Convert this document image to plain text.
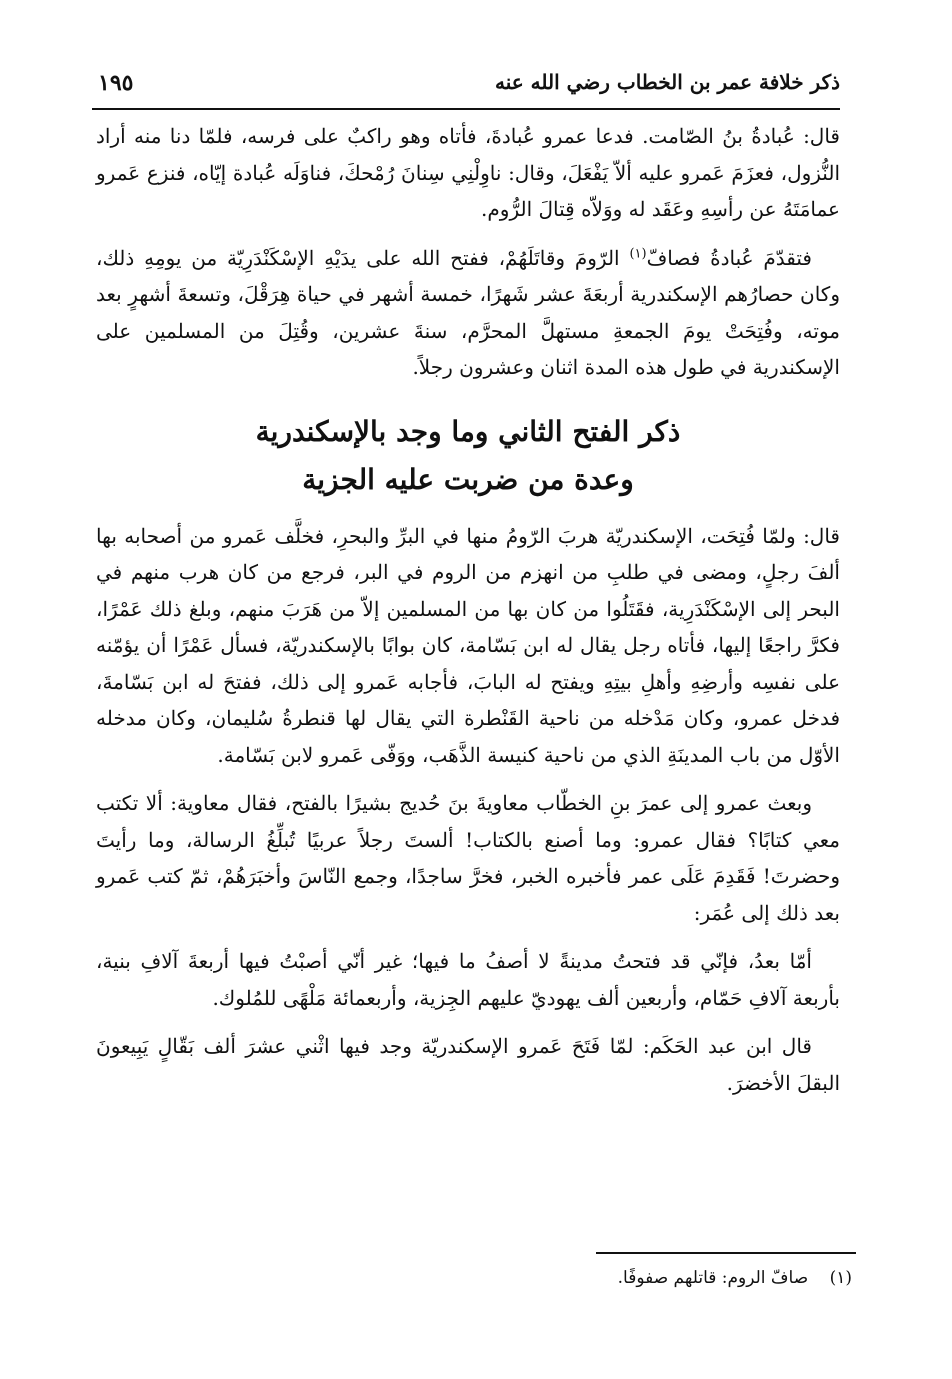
ذكر خلافة عمر بن الخطاب رضي الله عنه
١٩٥

قال: عُبادةُ بنُ الصّامت. فدعا عمرو عُبادةَ، فأتاه وهو راكبٌ على فرسه، فلمّا دنا منه أراد النُّزول، فعزَمَ عَمرو عليه ألاّ يَفْعَلَ، وقال: ناوِلْنِي سِنانَ رُمْحكَ، فناوَلَه عُبادة إيّاه، فنزع عَمرو عمامَتَهُ عن رأسِهِ وعَقَد له ووَلاّه قِتالَ الرُّوم.

فتقدّمَ عُبادةُ فصافّ$^{(١)}$ الرّومَ وقاتَلَهُمْ، ففتح الله على يدَيْهِ الإسْكَنْدَرِيّة من يومِهِ ذلك، وكان حصارُهم الإسكندرية أربعَةَ عشر شَهرًا، خمسة أشهر في حياة هِرَقْلَ، وتسعةَ أشهرٍ بعد موته، وفُتِحَتْ يومَ الجمعةِ مستهلَّ المحرَّم، سنةَ عشرين، وقُتِلَ من المسلمين على الإسكندرية في طول هذه المدة اثنان وعشرون رجلاً.

ذكر الفتح الثاني وما وجد بالإسكندرية
وعدة من ضربت عليه الجزية

قال: ولمّا فُتِحَت، الإسكندريّة هربَ الرّومُ منها في البرِّ والبحرِ، فخلَّف عَمرو من أصحابه بها ألفَ رجلٍ، ومضى في طلبِ من انهزم من الروم في البر، فرجع من كان هرب منهم في البحر إلى الإسْكَنْدَرِية، فقَتَلُوا من كان بها من المسلمين إلاّ من هَرَبَ منهم، وبلغ ذلك عَمْرًا، فكرَّ راجعًا إليها، فأتاه رجل يقال له ابن بَسّامة، كان بوابًا بالإسكندريّة، فسأل عَمْرًا أن يؤمّنه على نفسِه وأرضِهِ وأهلِ بيتِهِ ويفتح له البابَ، فأجابه عَمرو إلى ذلك، ففتحَ له ابن بَسّامةَ، فدخل عمرو، وكان مَدْخله من ناحية القَنْطرة التي يقال لها قنطرةُ سُليمان، وكان مدخله الأوّل من باب المدينَةِ الذي من ناحية كنيسة الذَّهَب، ووَفّى عَمرو لابن بَسّامة.

وبعث عمرو إلى عمرَ بنِ الخطّاب معاويةَ بنَ حُديج بشيرًا بالفتح، فقال معاوية: ألا تكتب معي كتابًا؟ فقال عمرو: وما أصنع بالكتاب! ألستَ رجلاً عربيًا تُبلِّغُ الرسالة، وما رأيتَ وحضرتَ! فَقَدِمَ عَلَى عمر فأخبره الخبر، فخرَّ ساجدًا، وجمع النّاسَ وأخبَرَهُمْ، ثمّ كتب عَمرو بعد ذلك إلى عُمَر:

أمّا بعدُ، فإنّي قد فتحتُ مدينةً لا أصفُ ما فيها؛ غير أنّي أصبْتُ فيها أربعةَ آلافِ بنية، بأربعة آلافِ حَمّام، وأربعين ألف يهوديّ عليهم الجِزية، وأربعمائة مَلْهًى للمُلوك.

قال ابن عبد الحَكَم: لمّا فَتَحَ عَمرو الإسكندريّة وجد فيها اثْني عشرَ ألف بَقّالٍ يَبِيعونَ البقلَ الأخضرَ.

(١) صافّ الروم: قاتلهم صفوفًا.
